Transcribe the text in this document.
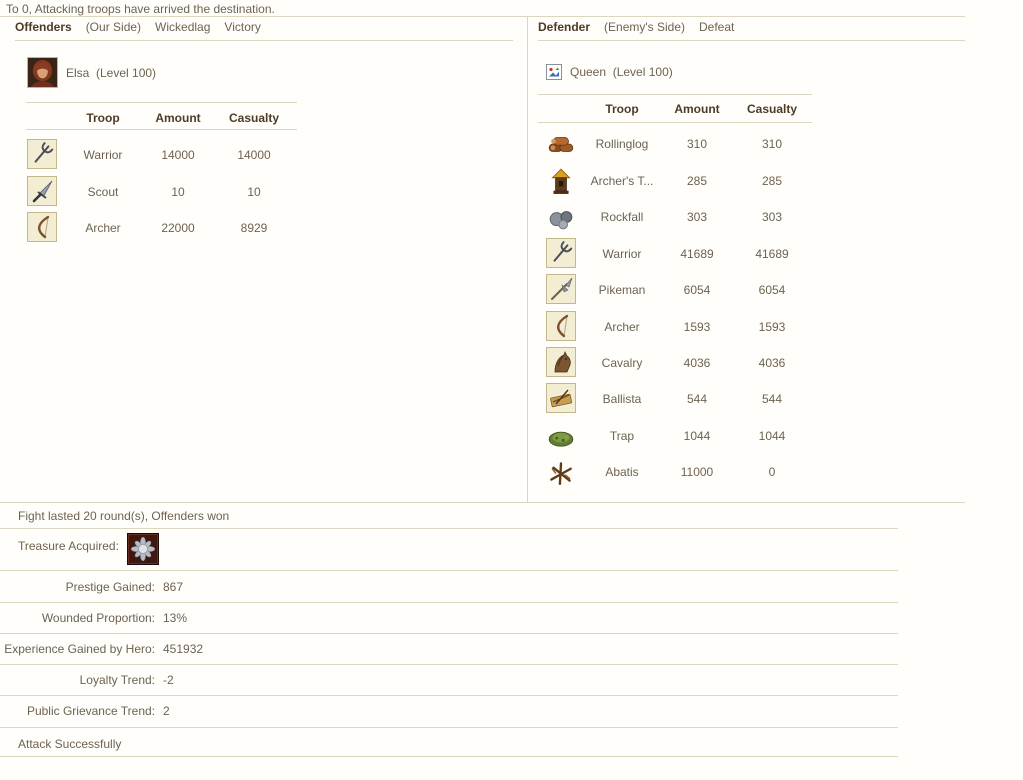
To 0, Attacking troops have arrived the destination.
Offenders (Our Side) Wickedlag Victory	Defender (Enemy's Side) Defeat
Elsa (Level 100)
Troop	Amount	Casualty
Warrior	14000	14000
Scout	10	10
Archer	22000	8929
Queen (Level 100)
Troop	Amount	Casualty
Rollinglog	310	310
Archer's T...	285	285
Rockfall	303	303
Warrior	41689	41689
Pikeman	6054	6054
Archer	1593	1593
Cavalry	4036	4036
Ballista	544	544
Trap	1044	1044
Abatis	11000	0
Fight lasted 20 round(s), Offenders won
Treasure Acquired:
Prestige Gained: 867
Wounded Proportion: 13%
Experience Gained by Hero: 451932
Loyalty Trend: -2
Public Grievance Trend: 2
Attack Successfully
